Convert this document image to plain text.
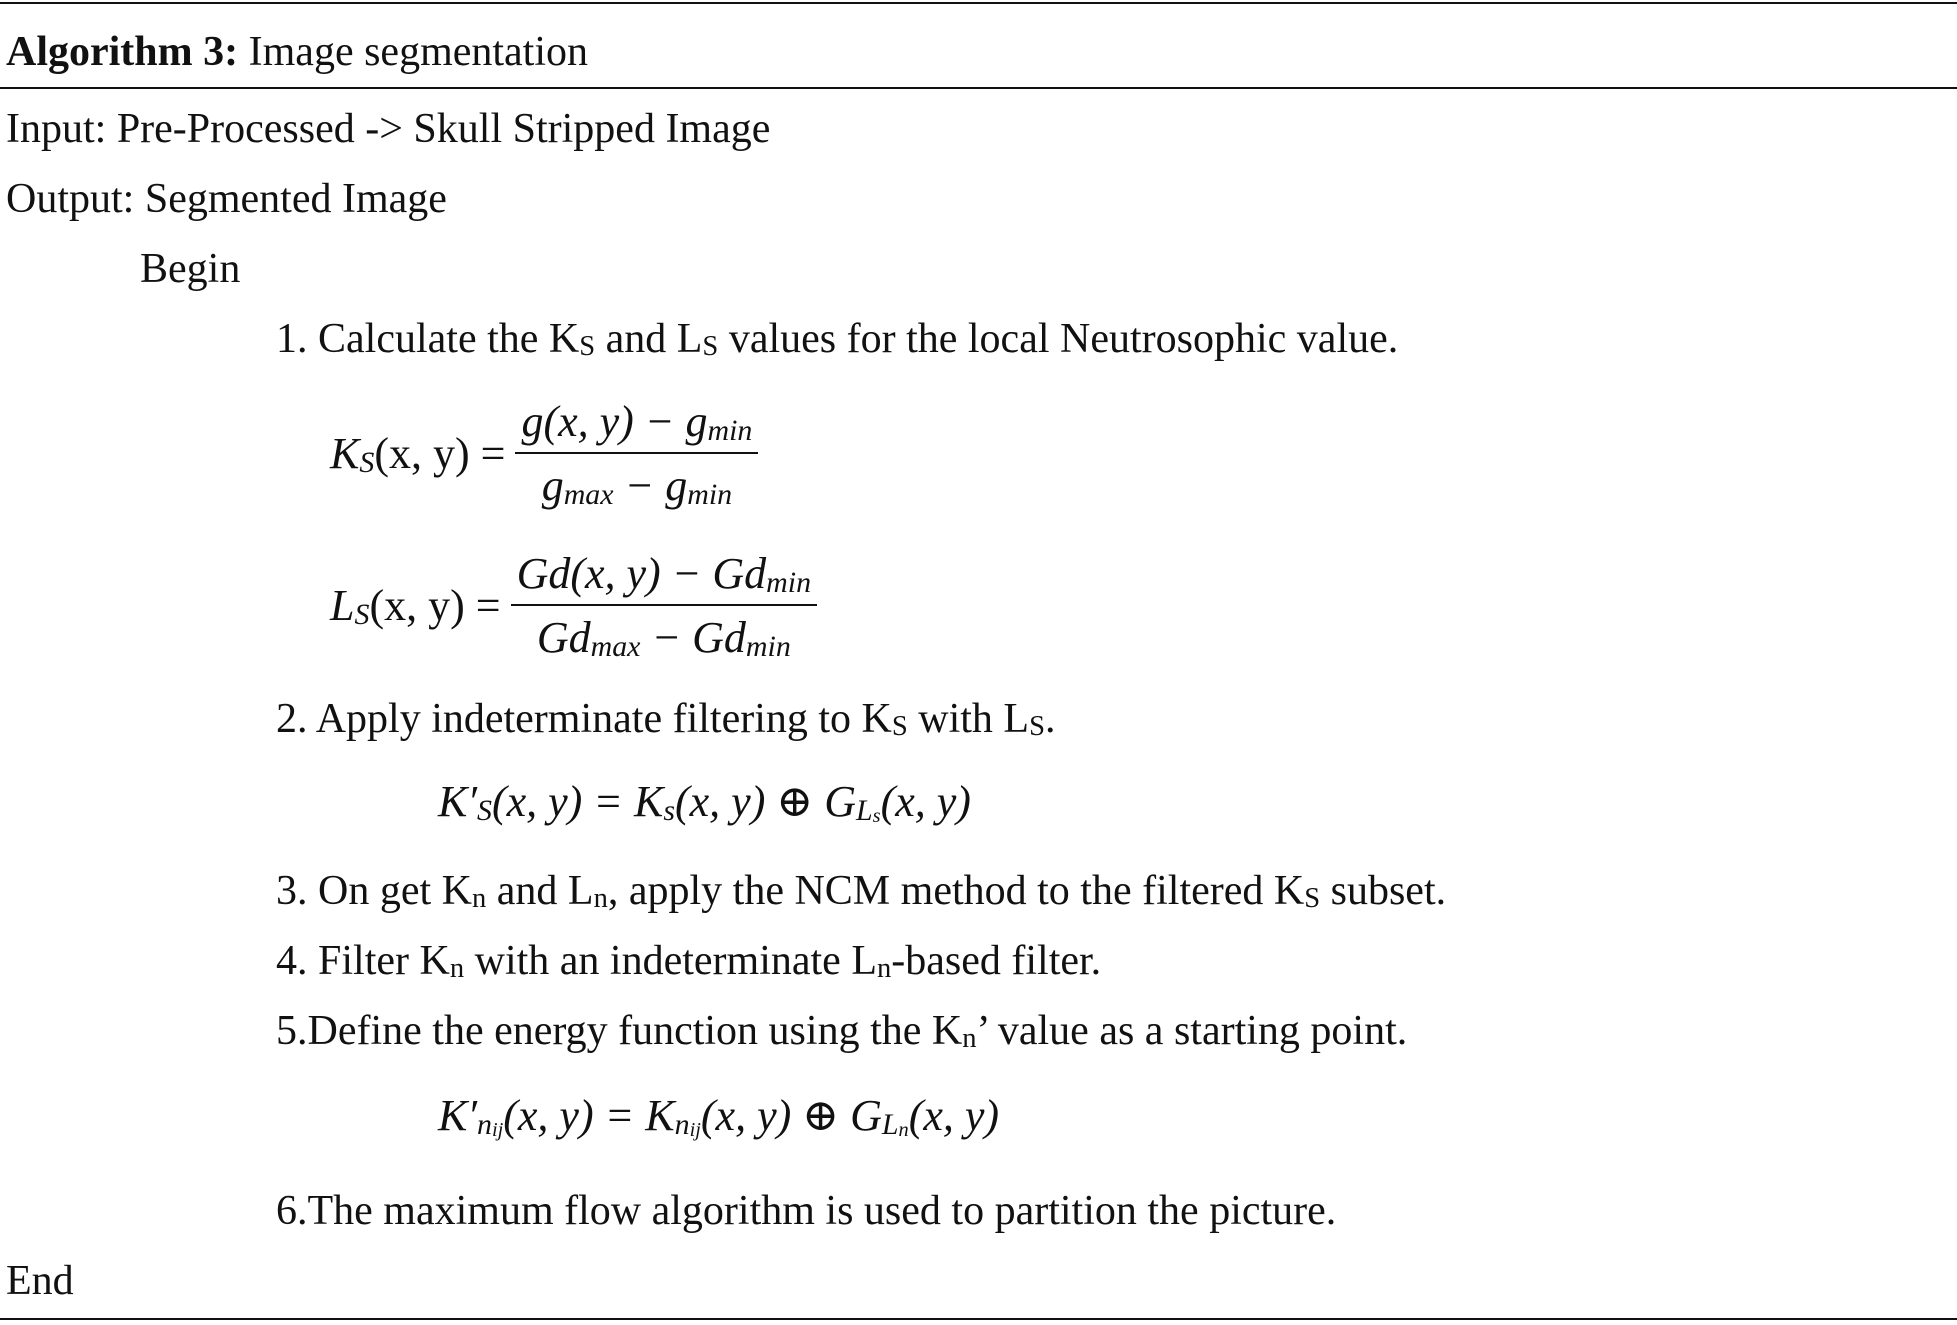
Algorithm 3: Image segmentation
Input: Pre-Processed -> Skull Stripped Image
Output: Segmented Image
Begin
1. Calculate the $K_S$ and $L_S$ values for the local Neutrosophic value.
$K_S(x$, $y) = \frac{g(x, y) - g_{min}}{g_{max} - g_{min}}$
$L_S(x$, $y) = \frac{Gd(x, y) - Gd_{min}}{Gd_{max} - Gd_{min}}$
2. Apply indeterminate filtering to $K_S$ with $L_S$.
$K'_S(x$, $y) = K_s(x$, y) ⊕ $G_{L_s}(x$, y)
3. On get $K_n$ and $L_n$, apply the NCM method to the filtered $K_S$ subset.
4. Filter $K_n$ with an indeterminate $L_n$-based filter.
5.Define the energy function using the $K_n$’ value as a starting point.
$K'_{n_{ij}}(x$, $y) = K_{n_{ij}}(x$, y) ⊕ $G_{L_n}(x$, y)
6.The maximum flow algorithm is used to partition the picture.
End
